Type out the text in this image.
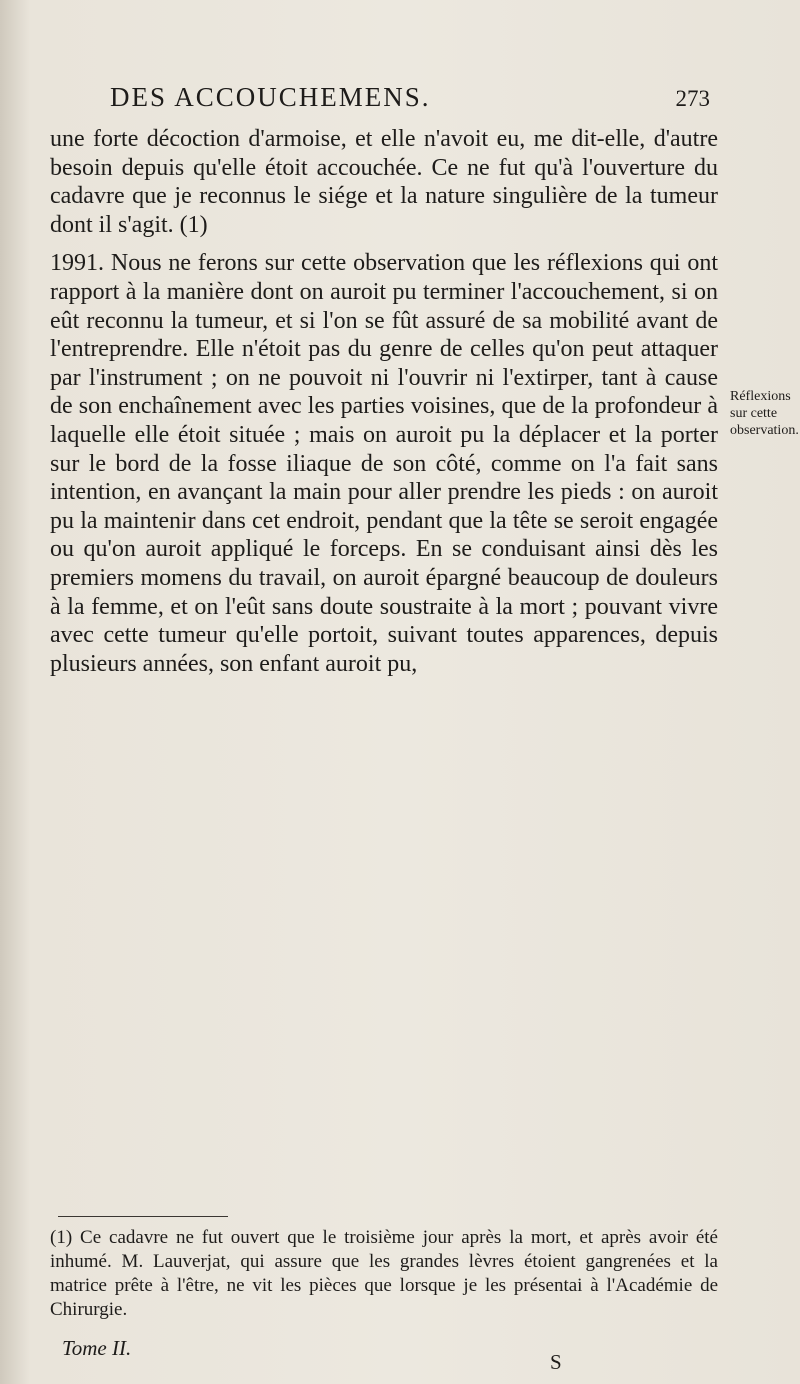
DES ACCOUCHEMENS.	273

une forte décoction d'armoise, et elle n'avoit eu, me dit-elle, d'autre besoin depuis qu'elle étoit accouchée. Ce ne fut qu'à l'ouverture du cadavre que je reconnus le siége et la nature singulière de la tumeur dont il s'agit. (1)

1991. Nous ne ferons sur cette observation que les réflexions qui ont rapport à la manière dont on auroit pu terminer l'accouchement, si on eût reconnu la tumeur, et si l'on se fût assuré de sa mobilité avant de l'entreprendre. Elle n'étoit pas du genre de celles qu'on peut attaquer par l'instrument ; on ne pouvoit ni l'ouvrir ni l'extirper, tant à cause de son enchaînement avec les parties voisines, que de la profondeur à laquelle elle étoit située ; mais on auroit pu la déplacer et la porter sur le bord de la fosse iliaque de son côté, comme on l'a fait sans intention, en avançant la main pour aller prendre les pieds : on auroit pu la maintenir dans cet endroit, pendant que la tête se seroit engagée ou qu'on auroit appliqué le forceps. En se conduisant ainsi dès les premiers momens du travail, on auroit épargné beaucoup de douleurs à la femme, et on l'eût sans doute soustraite à la mort ; pouvant vivre avec cette tumeur qu'elle portoit, suivant toutes apparences, depuis plusieurs années, son enfant auroit pu,

Réflexions sur cette observation.

(1) Ce cadavre ne fut ouvert que le troisième jour après la mort, et après avoir été inhumé. M. Lauverjat, qui assure que les grandes lèvres étoient gangrenées et la matrice prête à l'être, ne vit les pièces que lorsque je les présentai à l'Académie de Chirurgie.

Tome II.
S
